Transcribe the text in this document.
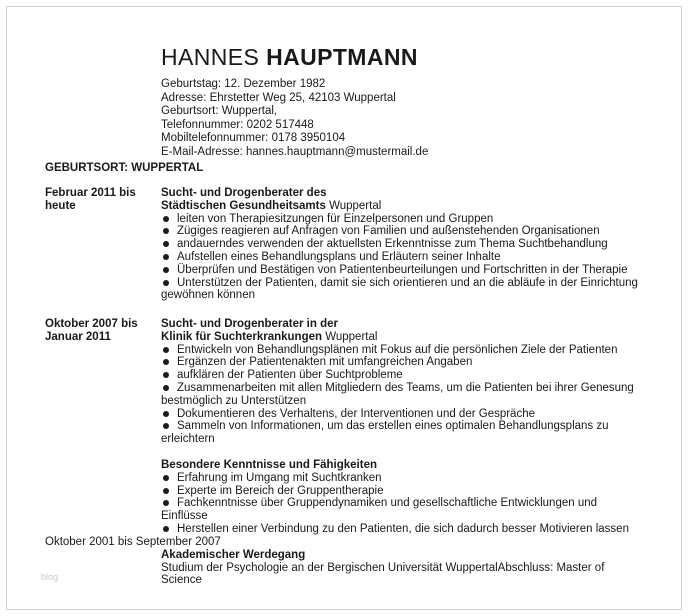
HANNES HAUPTMANN
Geburtstag: 12. Dezember 1982
Adresse: Ehrstetter Weg 25, 42103 Wuppertal
Geburtsort: Wuppertal,
Telefonnummer: 0202 517448
Mobiltelefonnummer: 0178 3950104
E-Mail-Adresse: hannes.hauptmann@mustermail.de
GEBURTSORT: WUPPERTAL
Februar 2011 bis heute
Sucht- und Drogenberater des
Städtischen Gesundheitsamts Wuppertal
leiten von Therapiesitzungen für Einzelpersonen und Gruppen
Zügiges reagieren auf Anfragen von Familien und außenstehenden Organisationen
andauerndes verwenden der aktuellsten Erkenntnisse zum Thema Suchtbehandlung
Aufstellen eines Behandlungsplans und Erläutern seiner Inhalte
Überprüfen und Bestätigen von Patientenbeurteilungen und Fortschritten in der Therapie
Unterstützen der Patienten, damit sie sich orientieren und an die abläufe in der Einrichtung gewöhnen können
Oktober 2007 bis Januar 2011
Sucht- und Drogenberater in der
Klinik für Suchterkrankungen Wuppertal
Entwickeln von Behandlungsplänen mit Fokus auf die persönlichen Ziele der Patienten
Ergänzen der Patientenakten mit umfangreichen Angaben
aufklären der Patienten über Suchtprobleme
Zusammenarbeiten mit allen Mitgliedern des Teams, um die Patienten bei ihrer Genesung bestmöglich zu Unterstützen
Dokumentieren des Verhaltens, der Interventionen und der Gespräche
Sammeln von Informationen, um das erstellen eines optimalen Behandlungsplans zu erleichtern
Besondere Kenntnisse und Fähigkeiten
Erfahrung im Umgang mit Suchtkranken
Experte im Bereich der Gruppentherapie
Fachkenntnisse über Gruppendynamiken und gesellschaftliche Entwicklungen und Einflüsse
Herstellen einer Verbindung zu den Patienten, die sich dadurch besser Motivieren lassen
Oktober 2001 bis September 2007
Akademischer Werdegang
Studium der Psychologie an der Bergischen Universität WuppertalAbschluss: Master of Science
blog
